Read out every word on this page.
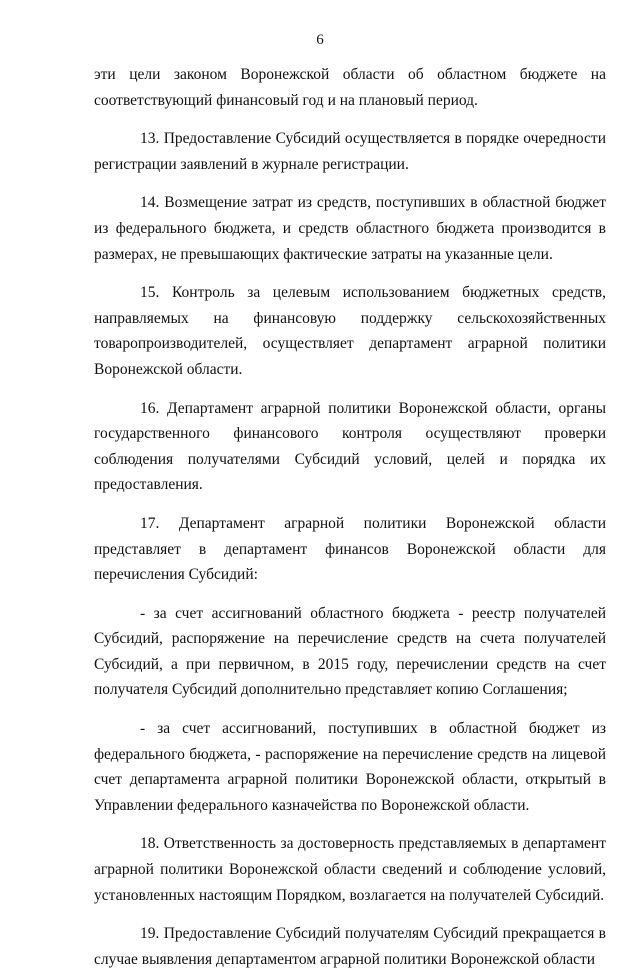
6

эти цели законом Воронежской области об областном бюджете на соответствующий финансовый год и на плановый период.

13. Предоставление Субсидий осуществляется в порядке очередности регистрации заявлений в журнале регистрации.

14. Возмещение затрат из средств, поступивших в областной бюджет из федерального бюджета, и средств областного бюджета производится в размерах, не превышающих фактические затраты на указанные цели.

15. Контроль за целевым использованием бюджетных средств, направляемых на финансовую поддержку сельскохозяйственных товаропроизводителей, осуществляет департамент аграрной политики Воронежской области.

16. Департамент аграрной политики Воронежской области, органы государственного финансового контроля осуществляют проверки соблюдения получателями Субсидий условий, целей и порядка их предоставления.

17. Департамент аграрной политики Воронежской области представляет в департамент финансов Воронежской области для перечисления Субсидий:

- за счет ассигнований областного бюджета - реестр получателей Субсидий, распоряжение на перечисление средств на счета получателей Субсидий, а при первичном, в 2015 году, перечислении средств на счет получателя Субсидий дополнительно представляет копию Соглашения;

- за счет ассигнований, поступивших в областной бюджет из федерального бюджета, - распоряжение на перечисление средств на лицевой счет департамента аграрной политики Воронежской области, открытый в Управлении федерального казначейства по Воронежской области.

18. Ответственность за достоверность представляемых в департамент аграрной политики Воронежской области сведений и соблюдение условий, установленных настоящим Порядком, возлагается на получателей Субсидий.

19. Предоставление Субсидий получателям Субсидий прекращается в случае выявления департаментом аграрной политики Воронежской области
